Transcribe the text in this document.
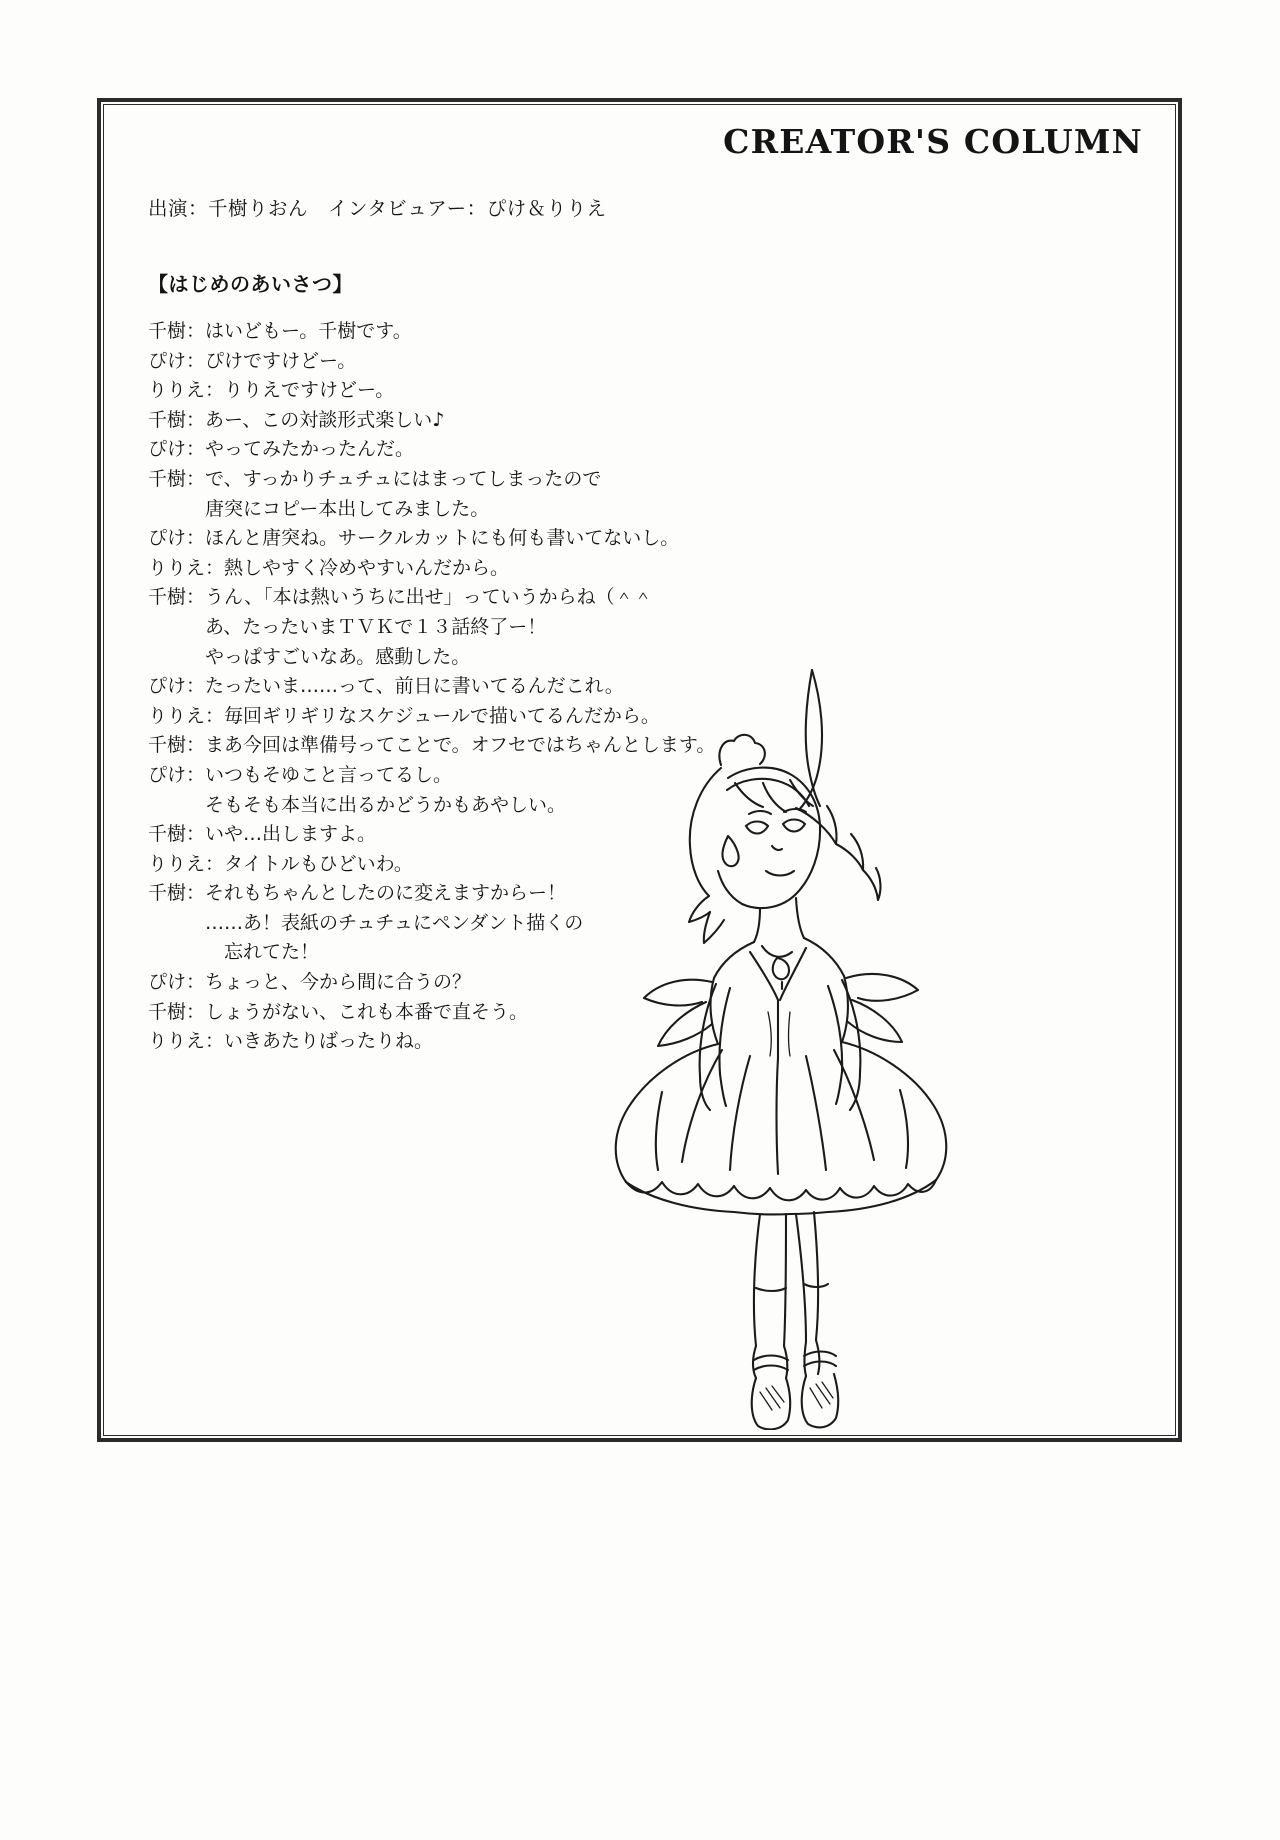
CREATOR'S COLUMN
出演：千樹りおん　インタビュアー：ぴけ＆りりえ
【はじめのあいさつ】
千樹：はいどもー。千樹です。
ぴけ：ぴけですけどー。
りりえ：りりえですけどー。
千樹：あー、この対談形式楽しい♪
ぴけ：やってみたかったんだ。
千樹：で、すっかりチュチュにはまってしまったので
　　　唐突にコピー本出してみました。
ぴけ：ほんと唐突ね。サークルカットにも何も書いてないし。
りりえ：熱しやすく冷めやすいんだから。
千樹：うん、「本は熱いうちに出せ」っていうからね（＾＾
　　　あ、たったいまＴＶＫで１３話終了ー！
　　　やっぱすごいなあ。感動した。
ぴけ：たったいま……って、前日に書いてるんだこれ。
りりえ：毎回ギリギリなスケジュールで描いてるんだから。
千樹：まあ今回は準備号ってことで。オフセではちゃんとします。
ぴけ：いつもそゆこと言ってるし。
　　　そもそも本当に出るかどうかもあやしい。
千樹：いや…出しますよ。
りりえ：タイトルもひどいわ。
千樹：それもちゃんとしたのに変えますからー！
　　　……あ！表紙のチュチュにペンダント描くの
　　　　忘れてた！
ぴけ：ちょっと、今から間に合うの？
千樹：しょうがない、これも本番で直そう。
りりえ：いきあたりばったりね。
